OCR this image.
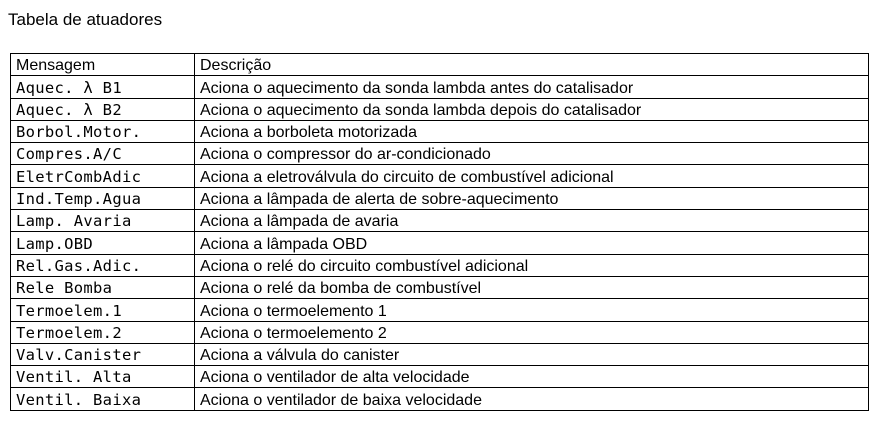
Tabela de atuadores
Mensagem	Descrição
Aquec. λ B1	Aciona o aquecimento da sonda lambda antes do catalisador
Aquec. λ B2	Aciona o aquecimento da sonda lambda depois do catalisador
Borbol.Motor.	Aciona a borboleta motorizada
Compres.A/C	Aciona o compressor do ar-condicionado
EletrCombAdic	Aciona a eletroválvula do circuito de combustível adicional
Ind.Temp.Agua	Aciona a lâmpada de alerta de sobre-aquecimento
Lamp. Avaria	Aciona a lâmpada de avaria
Lamp.OBD	Aciona a lâmpada OBD
Rel.Gas.Adic.	Aciona o relé do circuito combustível adicional
Rele Bomba	Aciona o relé da bomba de combustível
Termoelem.1	Aciona o termoelemento 1
Termoelem.2	Aciona o termoelemento 2
Valv.Canister	Aciona a válvula do canister
Ventil. Alta	Aciona o ventilador de alta velocidade
Ventil. Baixa	Aciona o ventilador de baixa velocidade
